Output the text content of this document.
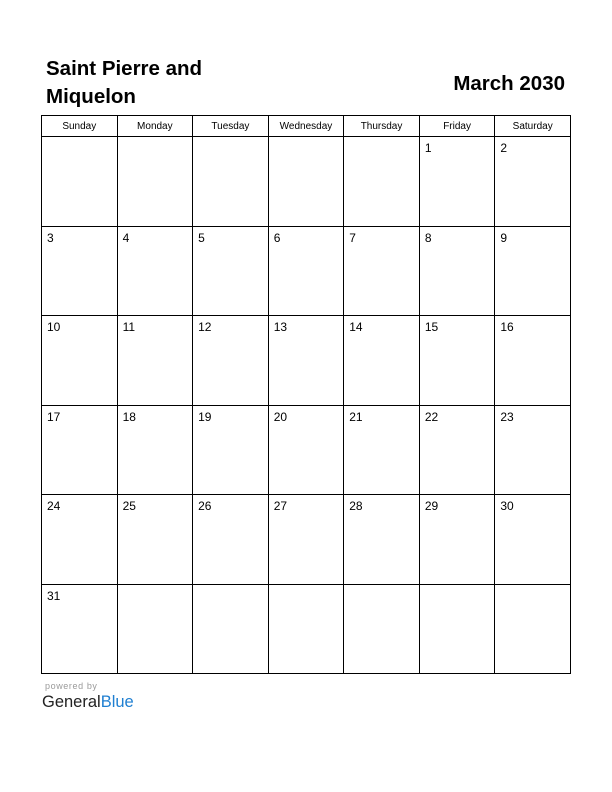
Saint Pierre and Miquelon
March 2030
Sunday	Monday	Tuesday	Wednesday	Thursday	Friday	Saturday

					1	2

3	4	5	6	7	8	9

10	11	12	13	14	15	16

17	18	19	20	21	22	23

24	25	26	27	28	29	30

31						

powered by
GeneralBlue
